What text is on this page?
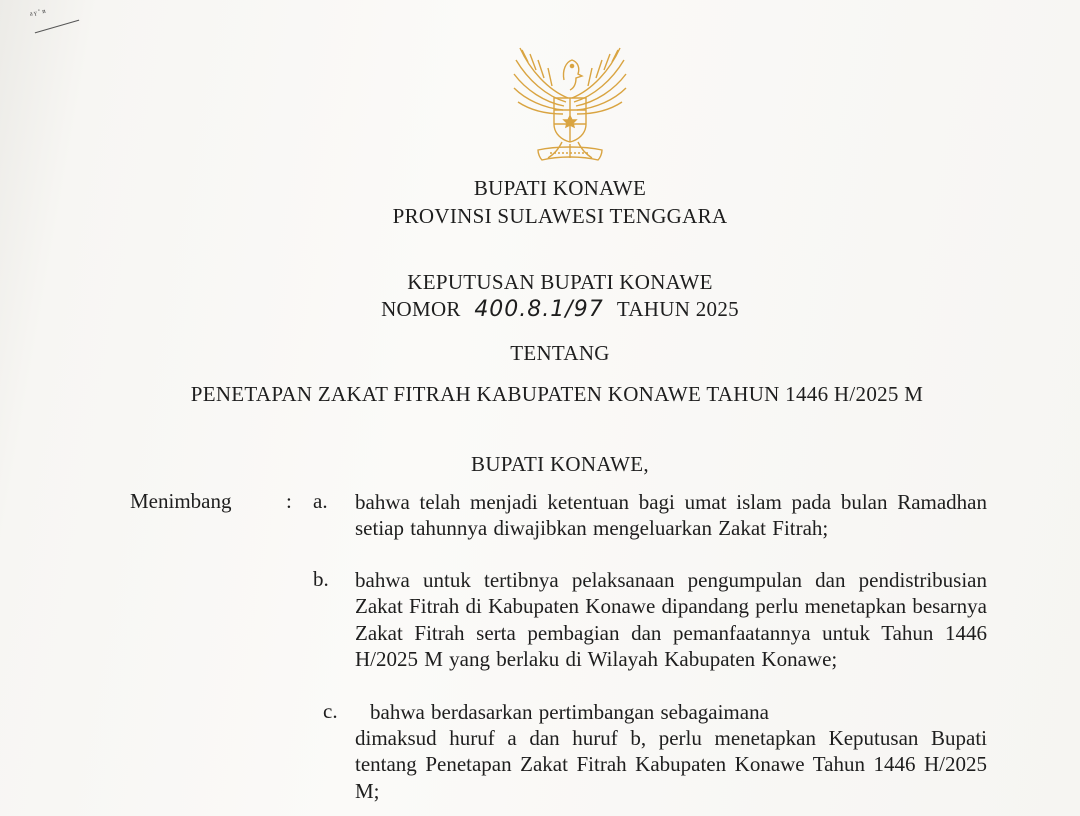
ᵃᵞ˙ⁿ
BUPATI KONAWE
PROVINSI SULAWESI TENGGARA
KEPUTUSAN BUPATI KONAWE
NOMOR 400.8.1/97 TAHUN 2025
TENTANG
PENETAPAN ZAKAT FITRAH KABUPATEN KONAWE TAHUN 1446 H/2025 M
BUPATI KONAWE,
Menimbang	: a. bahwa telah menjadi ketentuan bagi umat islam pada bulan Ramadhan setiap tahunnya diwajibkan mengeluarkan Zakat Fitrah;
b. bahwa untuk tertibnya pelaksanaan pengumpulan dan pendistribusian Zakat Fitrah di Kabupaten Konawe dipandang perlu menetapkan besarnya Zakat Fitrah serta pembagian dan pemanfaatannya untuk Tahun 1446 H/2025 M yang berlaku di Wilayah Kabupaten Konawe;
c. bahwa berdasarkan pertimbangan sebagaimana
dimaksud huruf a dan huruf b, perlu menetapkan Keputusan Bupati tentang Penetapan Zakat Fitrah Kabupaten Konawe Tahun 1446 H/2025 M;
